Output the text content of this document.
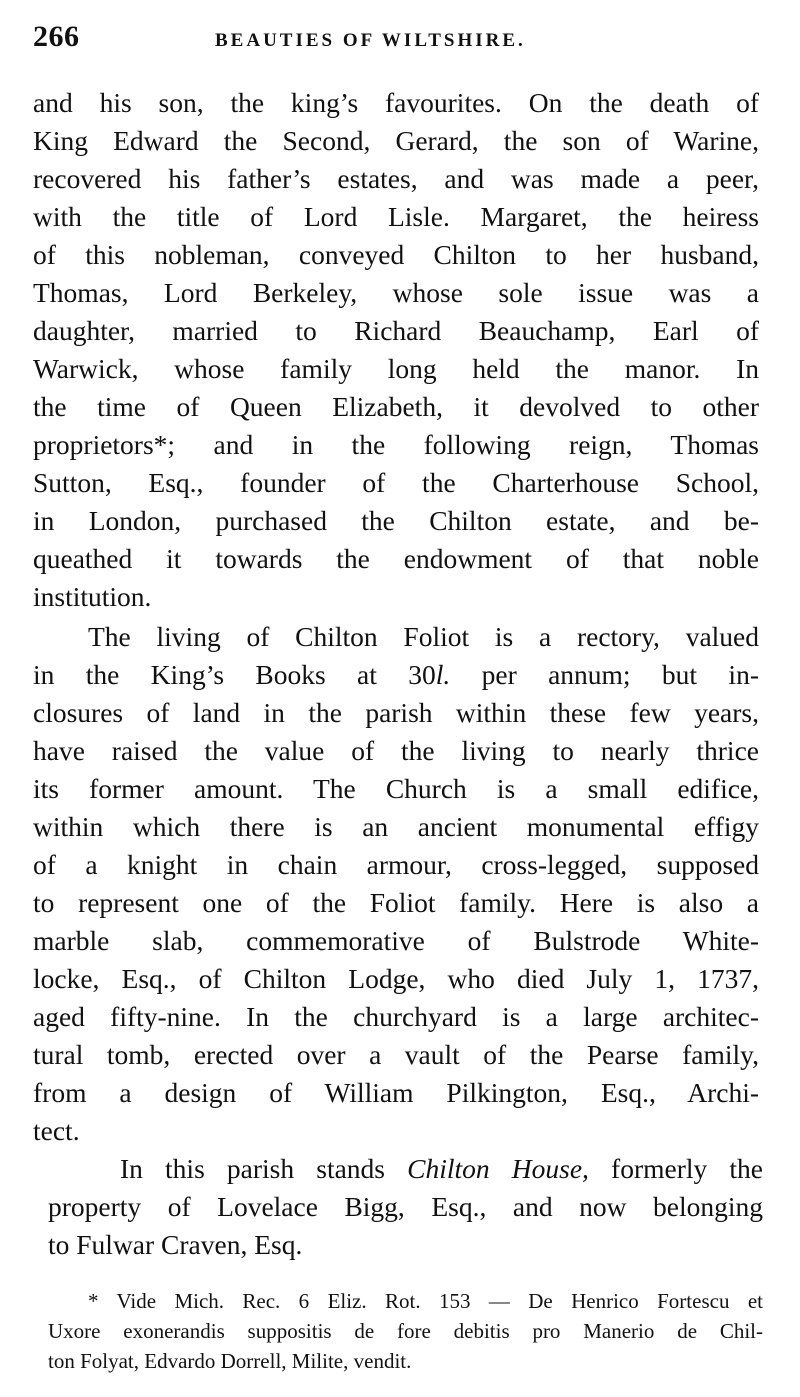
266	BEAUTIES OF WILTSHIRE.
and his son, the king’s favourites. On the death of
King Edward the Second, Gerard, the son of Warine,
recovered his father’s estates, and was made a peer,
with the title of Lord Lisle. Margaret, the heiress
of this nobleman, conveyed Chilton to her husband,
Thomas, Lord Berkeley, whose sole issue was a
daughter, married to Richard Beauchamp, Earl of
Warwick, whose family long held the manor. In
the time of Queen Elizabeth, it devolved to other
proprietors*; and in the following reign, Thomas
Sutton, Esq., founder of the Charterhouse School,
in London, purchased the Chilton estate, and be-
queathed it towards the endowment of that noble
institution.
The living of Chilton Foliot is a rectory, valued
in the King’s Books at 30l. per annum; but in-
closures of land in the parish within these few years,
have raised the value of the living to nearly thrice
its former amount. The Church is a small edifice,
within which there is an ancient monumental effigy
of a knight in chain armour, cross-legged, supposed
to represent one of the Foliot family. Here is also a
marble slab, commemorative of Bulstrode White-
locke, Esq., of Chilton Lodge, who died July 1, 1737,
aged fifty-nine. In the churchyard is a large architec-
tural tomb, erected over a vault of the Pearse family,
from a design of William Pilkington, Esq., Archi-
tect.
In this parish stands Chilton House, formerly the
property of Lovelace Bigg, Esq., and now belonging
to Fulwar Craven, Esq.
* Vide Mich. Rec. 6 Eliz. Rot. 153 — De Henrico Fortescu et
Uxore exonerandis suppositis de fore debitis pro Manerio de Chil-
ton Folyat, Edvardo Dorrell, Milite, vendit.
